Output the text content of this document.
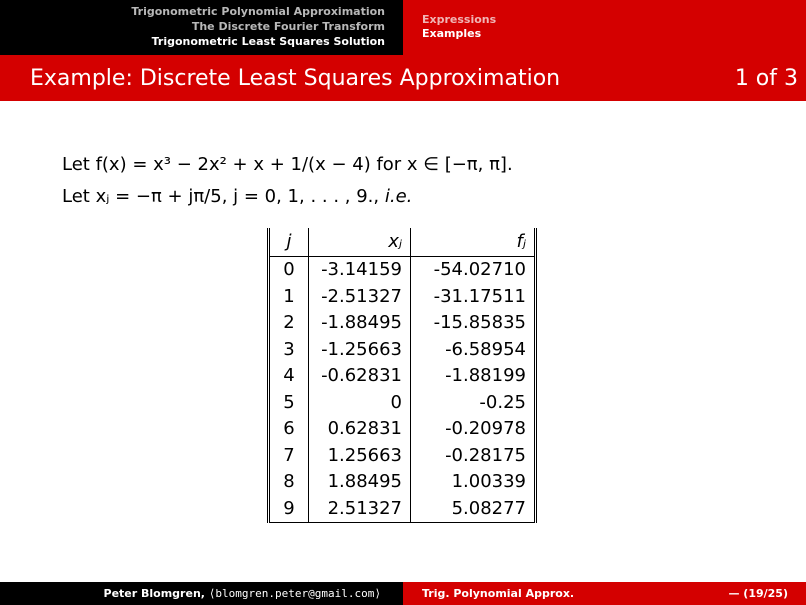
Trigonometric Polynomial Approximation
The Discrete Fourier Transform
Trigonometric Least Squares Solution
Expressions
Examples
Example: Discrete Least Squares Approximation	1 of 3
Let f(x) = x³ − 2x² + x + 1/(x − 4) for x ∈ [−π, π].
Let xⱼ = −π + jπ/5, j = 0, 1, . . . , 9., i.e.
j	xⱼ	fⱼ
0	-3.14159	-54.02710
1	-2.51327	-31.17511
2	-1.88495	-15.85835
3	-1.25663	-6.58954
4	-0.62831	-1.88199
5	0	-0.25
6	0.62831	-0.20978
7	1.25663	-0.28175
8	1.88495	1.00339
9	2.51327	5.08277
Peter Blomgren, ⟨blomgren.peter@gmail.com⟩	Trig. Polynomial Approx.	— (19/25)
